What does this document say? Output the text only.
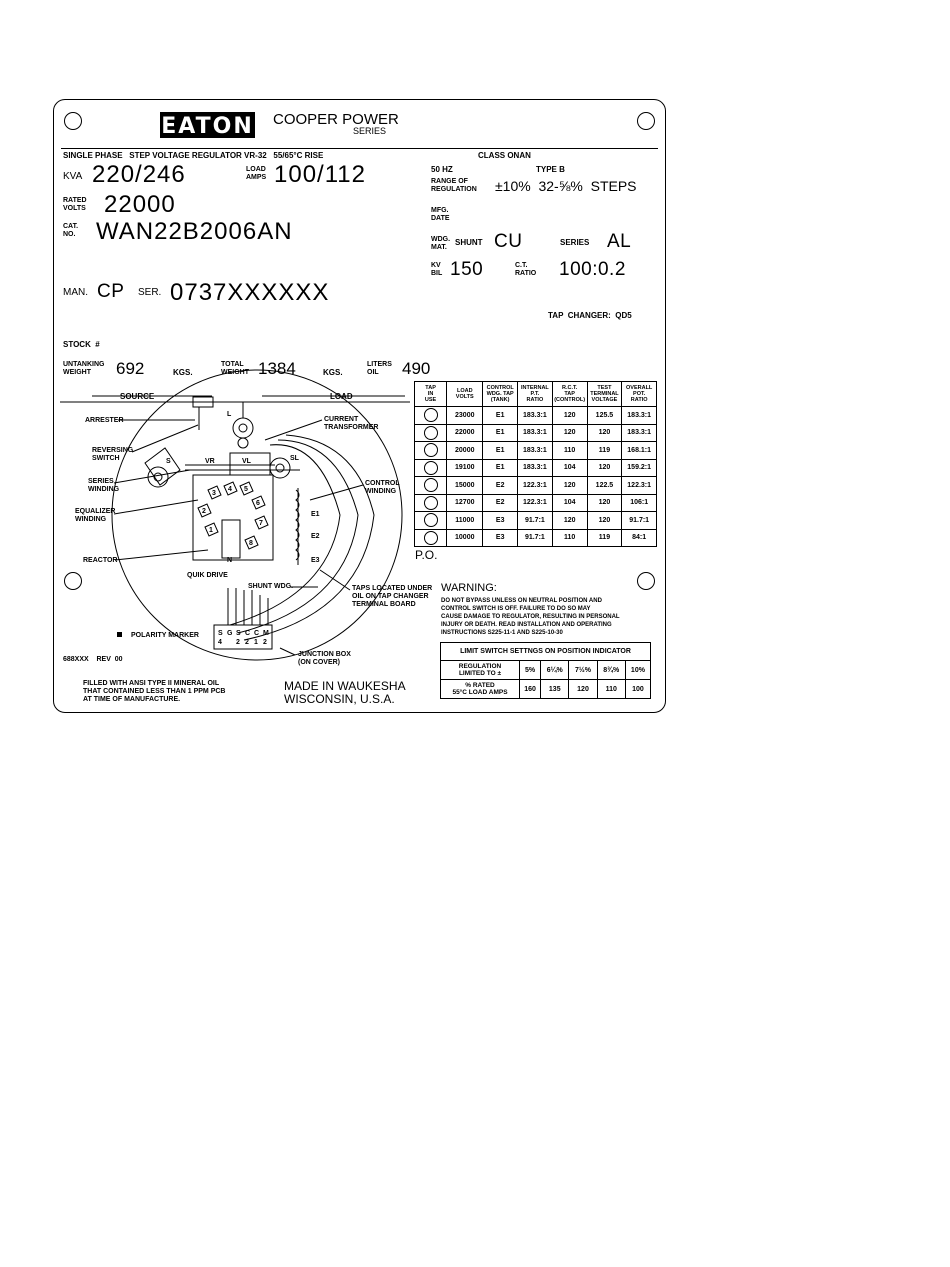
EATON COOPER POWER
SERIES
SINGLE PHASE   STEP VOLTAGE REGULATOR VR-32   55/65°C RISE	CLASS ONAN
KVA 220/246	LOAD
AMPS 100/112	50 HZ	TYPE B
RANGE OF
REGULATION ±10%  32-⅝%  STEPS
RATED
VOLTS 22000	MFG.
DATE
CAT.
NO. WAN22B2006AN	WDG.
MAT.
SHUNT CU	SERIES AL
KV
BIL 150	C.T.
RATIO 100:0.2
MAN. CP SER. 0737XXXXXX
TAP  CHANGER:  QD5
STOCK  #
UNTANKING
WEIGHT	692	KGS.
TOTAL
WEIGHT 1384	KGS.
LITERS
OIL	490
SOURCE	LOAD
ARRESTER	CURRENT
TRANSFORMER
REVERSING
SWITCH
SERIES
WINDING
EQUALIZER
WINDING
REACTOR
QUIK DRIVE
CONTROL
WINDING
SHUNT WDG.	TAPS LOCATED UNDER
OIL ON TAP CHANGER
TERMINAL BOARD
POLARITY MARKER
JUNCTION BOX
(ON COVER)
688XXX    REV  00
S
L
SL
VR	VL
E1
E2
E3
N
1
2
3
4 5
6
7
8
S G S C C M
4 2 2 1 2
TAP
IN
USE	LOAD
VOLTS	CONTROL
WDG. TAP
(TANK)	INTERNAL
P.T.
RATIO	R.C.T.
TAP
(CONTROL)	TEST
TERMINAL
VOLTAGE	OVERALL
POT.
RATIO
	23000	E1	183.3:1	120	125.5	183.3:1
	22000	E1	183.3:1	120	120	183.3:1
	20000	E1	183.3:1	110	119	168.1:1
	19100	E1	183.3:1	104	120	159.2:1
	15000	E2	122.3:1	120	122.5	122.3:1
	12700	E2	122.3:1	104	120	106:1
	11000	E3	91.7:1	120	120	91.7:1
	10000	E3	91.7:1	110	119	84:1
P.O.
WARNING:
DO NOT BYPASS UNLESS ON NEUTRAL POSITION AND
CONTROL SWITCH IS OFF. FAILURE TO DO SO MAY
CAUSE DAMAGE TO REGULATOR, RESULTING IN PERSONAL
INJURY OR DEATH. READ INSTALLATION AND OPERATING
INSTRUCTIONS S225-11-1 AND S225-10-30
LIMIT SWITCH SETTNGS ON POSITION INDICATOR					
REGULATION
LIMITED TO ±	5%	6¼%	7½%	8¾%	10%
% RATED
55°C LOAD AMPS	160	135	120	110	100
FILLED WITH ANSI TYPE II MINERAL OIL
THAT CONTAINED LESS THAN 1 PPM PCB
AT TIME OF MANUFACTURE.
MADE IN WAUKESHA
WISCONSIN, U.S.A.
